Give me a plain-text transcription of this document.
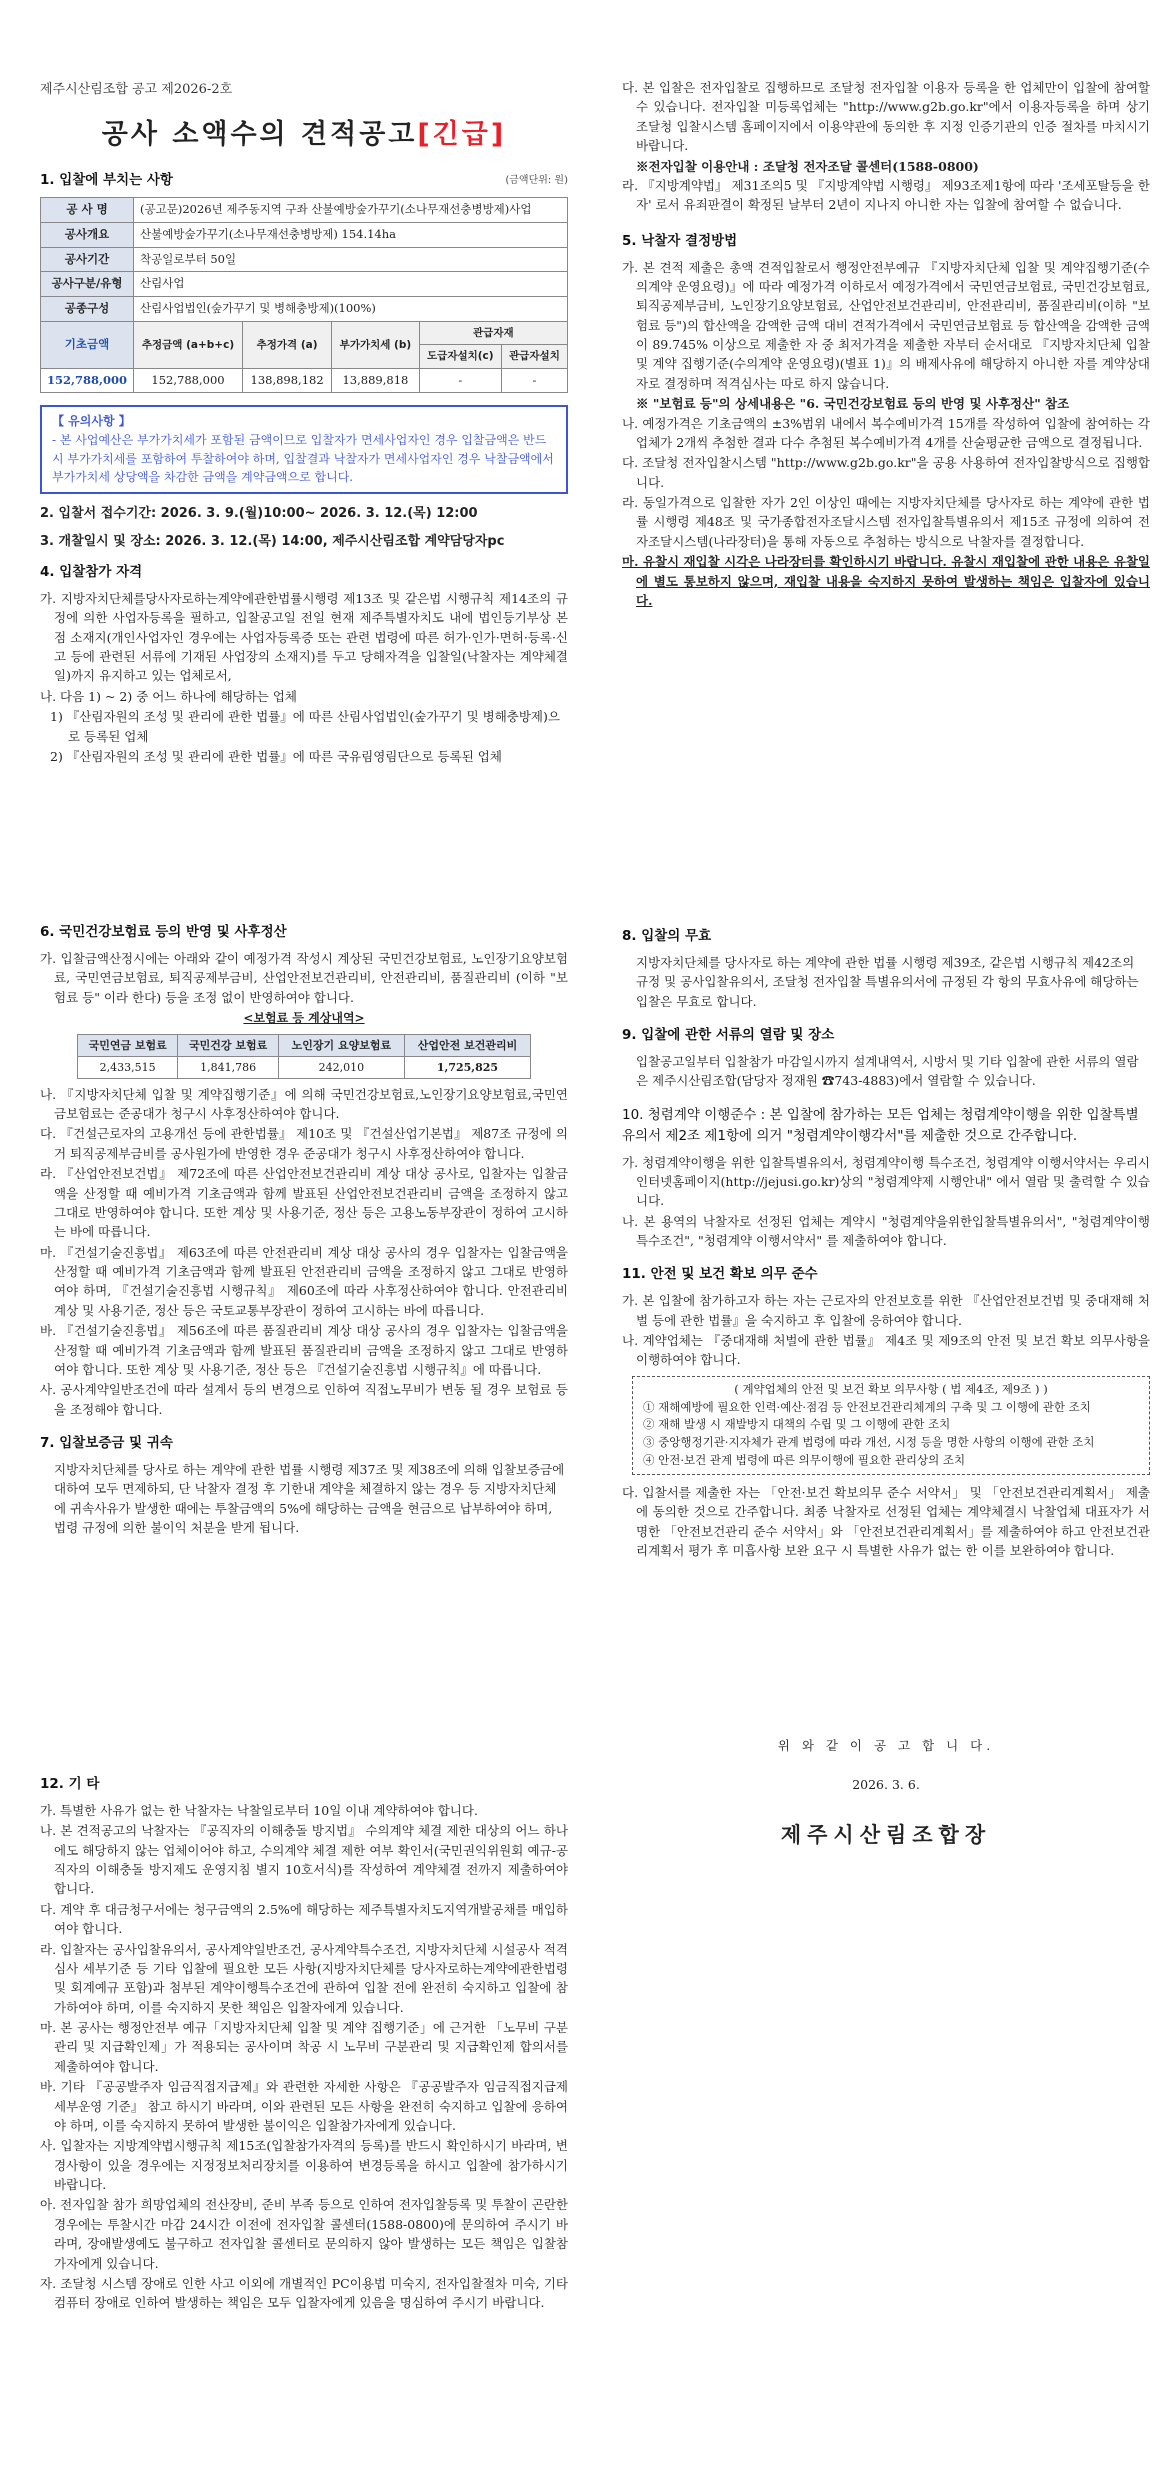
제주시산림조합 공고 제2026-2호
공사 소액수의 견적공고[긴급]
1. 입찰에 부치는 사항	(금액단위: 원)
공 사 명	(공고문)2026년 제주동지역 구좌 산불예방숲가꾸기(소나무재선충병방제)사업				
공사개요	산불예방숲가꾸기(소나무재선충병방제) 154.14ha				
공사기간	착공일로부터 50일				
공사구분/유형	산림사업				
공종구성	산림사업법인(숲가꾸기 및 병해충방제)(100%)				
기초금액	추정금액 (a+b+c)	추정가격 (a)	부가가치세 (b)	관급자재	
				도급자설치(c)	관급자설치
152,788,000	152,788,000	138,898,182	13,889,818	-	-
【 유의사항 】
- 본 사업예산은 부가가치세가 포함된 금액이므로 입찰자가 면세사업자인 경우 입찰금액은 반드시 부가가치세를 포함하여 투찰하여야 하며, 입찰결과 낙찰자가 면세사업자인 경우 낙찰금액에서 부가가치세 상당액을 차감한 금액을 계약금액으로 합니다.
2. 입찰서 접수기간: 2026. 3. 9.(월)10:00~ 2026. 3. 12.(목) 12:00
3. 개찰일시 및 장소: 2026. 3. 12.(목) 14:00, 제주시산림조합 계약담당자pc
4. 입찰참가 자격

가. 지방자치단체를당사자로하는계약에관한법률시행령 제13조 및 같은법 시행규칙 제14조의 규정에 의한 사업자등록을 필하고, 입찰공고일 전일 현재 제주특별자치도 내에 법인등기부상 본점 소재지(개인사업자인 경우에는 사업자등록증 또는 관련 법령에 따른 허가·인가·면허·등록·신고 등에 관련된 서류에 기재된 사업장의 소재지)를 두고 당해자격을 입찰일(낙찰자는 계약체결일)까지 유지하고 있는 업체로서,

나. 다음 1) ~ 2) 중 어느 하나에 해당하는 업체

1) 『산림자원의 조성 및 관리에 관한 법률』에 따른 산림사업법인(숲가꾸기 및 병해충방제)으로 등록된 업체

2) 『산림자원의 조성 및 관리에 관한 법률』에 따른 국유림영림단으로 등록된 업체

다. 본 입찰은 전자입찰로 집행하므로 조달청 전자입찰 이용자 등록을 한 업체만이 입찰에 참여할 수 있습니다. 전자입찰 미등록업체는 "http://www.g2b.go.kr"에서 이용자등록을 하며 상기 조달청 입찰시스템 홈페이지에서 이용약관에 동의한 후 지정 인증기관의 인증 절차를 마치시기 바랍니다.

※전자입찰 이용안내 : 조달청 전자조달 콜센터(1588-0800)

라. 『지방계약법』 제31조의5 및 『지방계약법 시행령』 제93조제1항에 따라 '조세포탈등을 한 자' 로서 유죄판결이 확정된 날부터 2년이 지나지 아니한 자는 입찰에 참여할 수 없습니다.

5. 낙찰자 결정방법

가. 본 견적 제출은 총액 견적입찰로서 행정안전부예규 『지방자치단체 입찰 및 계약집행기준(수의계약 운영요령)』에 따라 예정가격 이하로서 예정가격에서 국민연금보험료, 국민건강보험료, 퇴직공제부금비, 노인장기요양보험료, 산업안전보건관리비, 안전관리비, 품질관리비(이하 "보험료 등")의 합산액을 감액한 금액 대비 견적가격에서 국민연금보험료 등 합산액을 감액한 금액이 89.745% 이상으로 제출한 자 중 최저가격을 제출한 자부터 순서대로 『지방자치단체 입찰 및 계약 집행기준(수의계약 운영요령)(별표 1)』의 배제사유에 해당하지 아니한 자를 계약상대자로 결정하며 적격심사는 따로 하지 않습니다.

※ "보험료 등"의 상세내용은 "6. 국민건강보험료 등의 반영 및 사후정산" 참조

나. 예정가격은 기초금액의 ±3%범위 내에서 복수예비가격 15개를 작성하여 입찰에 참여하는 각 업체가 2개씩 추첨한 결과 다수 추첨된 복수예비가격 4개를 산술평균한 금액으로 결정됩니다.

다. 조달청 전자입찰시스템 "http://www.g2b.go.kr"을 공용 사용하여 전자입찰방식으로 집행합니다.

라. 동일가격으로 입찰한 자가 2인 이상인 때에는 지방자치단체를 당사자로 하는 계약에 관한 법률 시행령 제48조 및 국가종합전자조달시스템 전자입찰특별유의서 제15조 규정에 의하여 전자조달시스템(나라장터)을 통해 자동으로 추첨하는 방식으로 낙찰자를 결정합니다.

마. 유찰시 재입찰 시각은 나라장터를 확인하시기 바랍니다. 유찰시 재입찰에 관한 내용은 유찰일에 별도 통보하지 않으며, 재입찰 내용을 숙지하지 못하여 발생하는 책임은 입찰자에 있습니다.

6. 국민건강보험료 등의 반영 및 사후정산

가. 입찰금액산정시에는 아래와 같이 예정가격 작성시 계상된 국민건강보험료, 노인장기요양보험료, 국민연금보험료, 퇴직공제부금비, 산업안전보건관리비, 안전관리비, 품질관리비 (이하 "보험료 등" 이라 한다) 등을 조정 없이 반영하여야 합니다.

<보험료 등 계상내역>
국민연금 보험료	국민건강 보험료	노인장기 요양보험료	산업안전 보건관리비
2,433,515	1,841,786	242,010	1,725,825

나. 『지방자치단체 입찰 및 계약집행기준』에 의해 국민건강보험료,노인장기요양보험료,국민연금보험료는 준공대가 청구시 사후정산하여야 합니다.

다. 『건설근로자의 고용개선 등에 관한법률』 제10조 및 『건설산업기본법』 제87조 규정에 의거 퇴직공제부금비를 공사원가에 반영한 경우 준공대가 청구시 사후정산하여야 합니다.

라. 『산업안전보건법』 제72조에 따른 산업안전보건관리비 계상 대상 공사로, 입찰자는 입찰금액을 산정할 때 예비가격 기초금액과 함께 발표된 산업안전보건관리비 금액을 조정하지 않고 그대로 반영하여야 합니다. 또한 계상 및 사용기준, 정산 등은 고용노동부장관이 정하여 고시하는 바에 따릅니다.

마. 『건설기술진흥법』 제63조에 따른 안전관리비 계상 대상 공사의 경우 입찰자는 입찰금액을 산정할 때 예비가격 기초금액과 함께 발표된 안전관리비 금액을 조정하지 않고 그대로 반영하여야 하며, 『건설기술진흥법 시행규칙』 제60조에 따라 사후정산하여야 합니다. 안전관리비 계상 및 사용기준, 정산 등은 국토교통부장관이 정하여 고시하는 바에 따릅니다.

바. 『건설기술진흥법』 제56조에 따른 품질관리비 계상 대상 공사의 경우 입찰자는 입찰금액을 산정할 때 예비가격 기초금액과 함께 발표된 품질관리비 금액을 조정하지 않고 그대로 반영하여야 합니다. 또한 계상 및 사용기준, 정산 등은 『건설기술진흥법 시행규칙』에 따릅니다.

사. 공사계약일반조건에 따라 설계서 등의 변경으로 인하여 직접노무비가 변동 될 경우 보험료 등을 조정해야 합니다.

7. 입찰보증금 및 귀속

지방자치단체를 당사로 하는 계약에 관한 법률 시행령 제37조 및 제38조에 의해 입찰보증금에 대하여 모두 면제하되, 단 낙찰자 결정 후 기한내 계약을 체결하지 않는 경우 등 지방자치단체에 귀속사유가 발생한 때에는 투찰금액의 5%에 해당하는 금액을 현금으로 납부하여야 하며, 법령 규정에 의한 불이익 처분을 받게 됩니다.

8. 입찰의 무효

지방자치단체를 당사자로 하는 계약에 관한 법률 시행령 제39조, 같은법 시행규칙 제42조의 규정 및 공사입찰유의서, 조달청 전자입찰 특별유의서에 규정된 각 항의 무효사유에 해당하는 입찰은 무효로 합니다.

9. 입찰에 관한 서류의 열람 및 장소

입찰공고일부터 입찰참가 마감일시까지 설계내역서, 시방서 및 기타 입찰에 관한 서류의 열람은 제주시산림조합(담당자 정재원 ☎743-4883)에서 열람할 수 있습니다.

10. 청렴계약 이행준수 : 본 입찰에 참가하는 모든 업체는 청렴계약이행을 위한 입찰특별유의서 제2조 제1항에 의거 "청렴계약이행각서"를 제출한 것으로 간주합니다.

가. 청렴계약이행을 위한 입찰특별유의서, 청렴계약이행 특수조건, 청렴계약 이행서약서는 우리시 인터넷홈페이지(http://jejusi.go.kr)상의 "청렴계약제 시행안내" 에서 열람 및 출력할 수 있습니다.

나. 본 용역의 낙찰자로 선정된 업체는 계약시 "청렴계약을위한입찰특별유의서", "청렴계약이행 특수조건", "청렴계약 이행서약서" 를 제출하여야 합니다.

11. 안전 및 보건 확보 의무 준수

가. 본 입찰에 참가하고자 하는 자는 근로자의 안전보호를 위한 『산업안전보건법 및 중대재해 처벌 등에 관한 법률』을 숙지하고 후 입찰에 응하여야 합니다.

나. 계약업체는 『중대재해 처벌에 관한 법률』 제4조 및 제9조의 안전 및 보건 확보 의무사항을 이행하여야 합니다.

( 계약업체의 안전 및 보건 확보 의무사항 ( 법 제4조, 제9조 ) )
① 재해예방에 필요한 인력·예산·점검 등 안전보건관리체계의 구축 및 그 이행에 관한 조치
② 재해 발생 시 재발방지 대책의 수립 및 그 이행에 관한 조치
③ 중앙행정기관·지자체가 관계 법령에 따라 개선, 시정 등을 명한 사항의 이행에 관한 조치
④ 안전·보건 관계 법령에 따른 의무이행에 필요한 관리상의 조치

다. 입찰서를 제출한 자는 「안전·보건 확보의무 준수 서약서」 및 「안전보건관리계획서」 제출에 동의한 것으로 간주합니다. 최종 낙찰자로 선정된 업체는 계약체결시 낙찰업체 대표자가 서명한 「안전보건관리 준수 서약서」와 「안전보건관리계획서」를 제출하여야 하고 안전보건관리계획서 평가 후 미흡사항 보완 요구 시 특별한 사유가 없는 한 이를 보완하여야 합니다.

12. 기 타

가. 특별한 사유가 없는 한 낙찰자는 낙찰일로부터 10일 이내 계약하여야 합니다.

나. 본 견적공고의 낙찰자는 『공직자의 이해충돌 방지법』 수의계약 체결 제한 대상의 어느 하나에도 해당하지 않는 업체이어야 하고, 수의계약 체결 제한 여부 확인서(국민권익위원회 예규-공직자의 이해충돌 방지제도 운영지침 별지 10호서식)를 작성하여 계약체결 전까지 제출하여야 합니다.

다. 계약 후 대금청구서에는 청구금액의 2.5%에 해당하는 제주특별자치도지역개발공채를 매입하여야 합니다.

라. 입찰자는 공사입찰유의서, 공사계약일반조건, 공사계약특수조건, 지방자치단체 시설공사 적격심사 세부기준 등 기타 입찰에 필요한 모든 사항(지방자치단체를 당사자로하는계약에관한법령 및 회계예규 포함)과 첨부된 계약이행특수조건에 관하여 입찰 전에 완전히 숙지하고 입찰에 참가하여야 하며, 이를 숙지하지 못한 책임은 입찰자에게 있습니다.

마. 본 공사는 행정안전부 예규「지방자치단체 입찰 및 계약 집행기준」에 근거한 「노무비 구분관리 및 지급확인제」가 적용되는 공사이며 착공 시 노무비 구분관리 및 지급확인제 합의서를 제출하여야 합니다.

바. 기타 『공공발주자 임금직접지급제』와 관련한 자세한 사항은 『공공발주자 임금직접지급제 세부운영 기준』 참고 하시기 바라며, 이와 관련된 모든 사항을 완전히 숙지하고 입찰에 응하여야 하며, 이를 숙지하지 못하여 발생한 불이익은 입찰참가자에게 있습니다.

사. 입찰자는 지방계약법시행규칙 제15조(입찰참가자격의 등록)를 반드시 확인하시기 바라며, 변경사항이 있을 경우에는 지정정보처리장치를 이용하여 변경등록을 하시고 입찰에 참가하시기 바랍니다.

아. 전자입찰 참가 희망업체의 전산장비, 준비 부족 등으로 인하여 전자입찰등록 및 투찰이 곤란한 경우에는 투찰시간 마감 24시간 이전에 전자입찰 콜센터(1588-0800)에 문의하여 주시기 바라며, 장애발생예도 불구하고 전자입찰 콜센터로 문의하지 않아 발생하는 모든 책임은 입찰참가자에게 있습니다.

자. 조달청 시스템 장애로 인한 사고 이외에 개별적인 PC이용법 미숙지, 전자입찰절차 미숙, 기타 컴퓨터 장애로 인하여 발생하는 책임은 모두 입찰자에게 있음을 명심하여 주시기 바랍니다.

위 와 같 이 공 고 합 니 다.
2026. 3. 6.
제주시산림조합장
